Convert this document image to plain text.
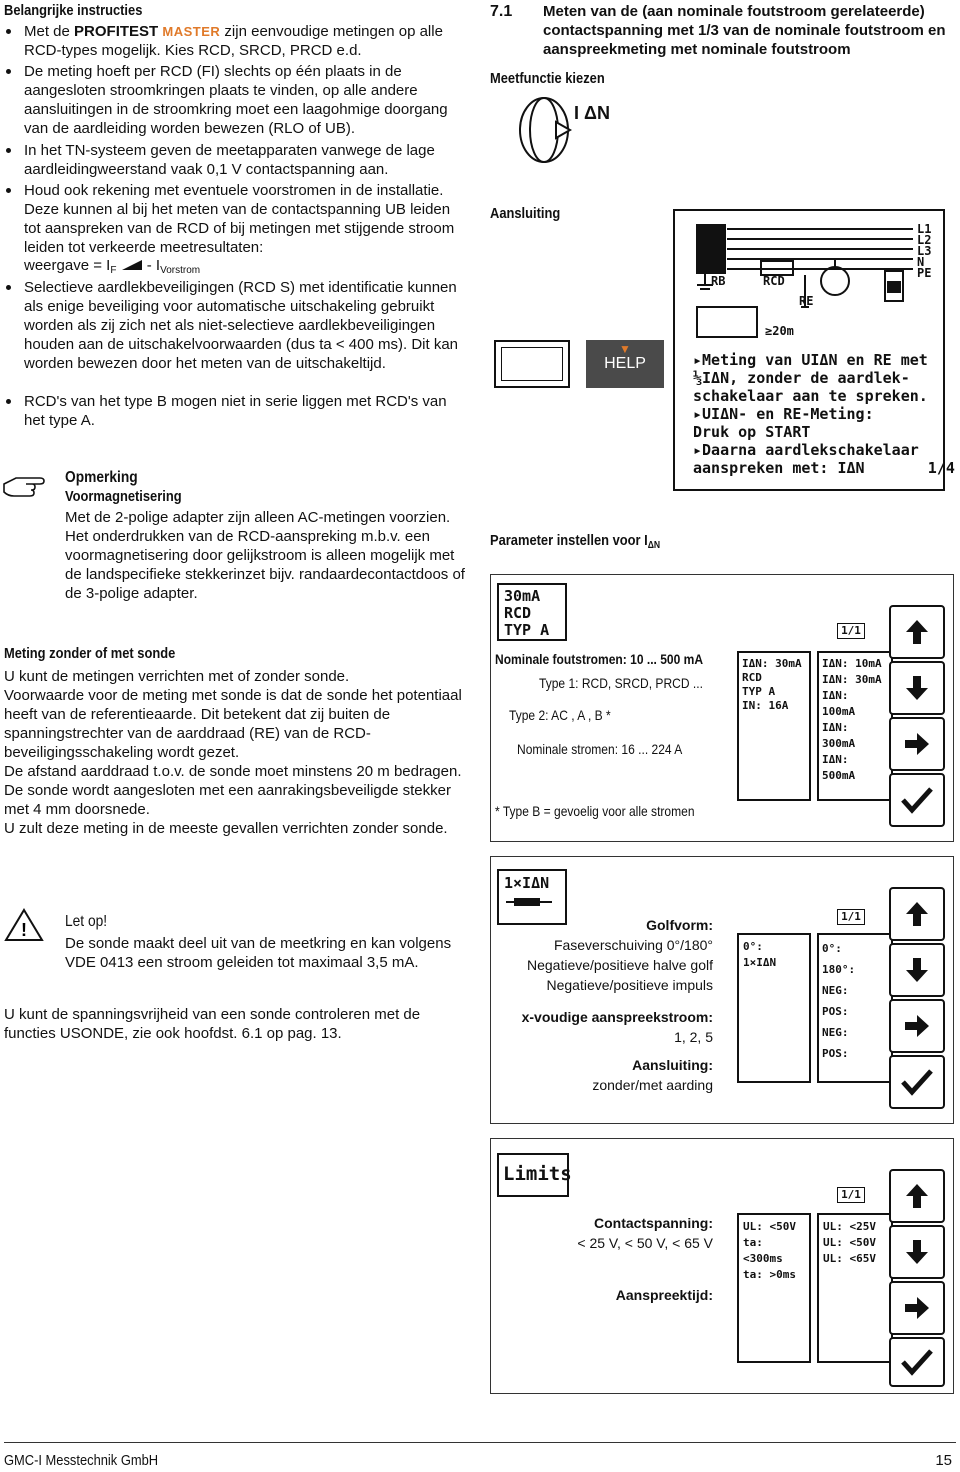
Belangrijke instructies
Met de PROFITEST MASTER zijn eenvoudige metingen op alle RCD-types mogelijk. Kies RCD, SRCD, PRCD e.d.
De meting hoeft per RCD (FI) slechts op één plaats in de aangesloten stroomkringen plaats te vinden, op alle andere aansluitingen in de stroomkring moet een laagohmige doorgang van de aardleiding worden bewezen (RLO of UB).
In het TN-systeem geven de meetapparaten vanwege de lage aardleidingweerstand vaak 0,1 V contactspanning aan.
Houd ook rekening met eventuele voorstromen in de installatie. Deze kunnen al bij het meten van de contactspanning UB leiden tot aanspreken van de RCD of bij metingen met stijgende stroom leiden tot verkeerde meetresultaten:
weergave = $I_F - I_{Vorstrom}$
Selectieve aardlekbeveiligingen (RCD S) met identificatie kunnen als enige beveiliging voor automatische uitschakeling gebruikt worden als zij zich net als niet-selectieve aardlekbeveiligingen houden aan de uitschakelvoorwaarden (dus ta < 400 ms). Dit kan worden bewezen door het meten van de uitschakeltijd.
RCD's van het type B mogen niet in serie liggen met RCD's van het type A.
Opmerking
Voormagnetisering
Met de 2-polige adapter zijn alleen AC-metingen voorzien. Het onderdrukken van de RCD-aanspreking m.b.v. een voormagnetisering door gelijkstroom is alleen mogelijk met de landspecifieke stekkerinzet bijv. randaardecontactdoos of de 3-polige adapter.
Meting zonder of met sonde

U kunt de metingen verrichten met of zonder sonde.

Voorwaarde voor de meting met sonde is dat de sonde het potentiaal heeft van de referentieaarde. Dit betekent dat zij buiten de spanningstrechter van de aarddraad (RE) van de RCD-beveiligingsschakeling wordt gezet.

De afstand aarddraad t.o.v. de sonde moet minstens 20 m bedragen.

De sonde wordt aangesloten met een aanrakingsbeveiligde stekker met 4 mm doorsnede.

U zult deze meting in de meeste gevallen verrichten zonder sonde.

! Let op!
De sonde maakt deel uit van de meetkring en kan volgens VDE 0413 een stroom geleiden tot maximaal 3,5 mA.
U kunt de spanningsvrijheid van een sonde controleren met de functies USONDE, zie ook hoofdst. 6.1 op pag. 13.
7.1 Meten van de (aan nominale foutstroom gerelateerde) contactspanning met 1/3 van de nominale foutstroom en aanspreekmeting met nominale foutstroom
Meetfunctie kiezen
I ΔN
Aansluiting
L1
L2
L3
N
PE
RB	RCD
RE
≥20m
▸Meting van UIΔN en RE met
⅓IΔN, zonder de aardlek-
schakelaar aan te spreken.
▸UIΔN- en RE-Meting:
Druk op START
▸Daarna aardlekschakelaar
aanspreken met: IΔN       1/4
▼
HELP
Parameter instellen voor $I_{\Delta N}$
30mA
RCD
TYP A	1/1
Nominale foutstromen: 10 ... 500 mA
Type 1: RCD, SRCD, PRCD ...
Type 2: AC , A , B *
Nominale stromen: 16 ... 224 A
* Type B = gevoelig voor alle stromen
IΔN: 30mA
RCD
TYP A
IN: 16A
IΔN: 10mA
IΔN: 30mA
IΔN: 100mA
IΔN: 300mA
IΔN: 500mA
1×IΔN
1/1
Golfvorm:
Faseverschuiving 0°/180°
Negatieve/positieve halve golf
Negatieve/positieve impuls
x-voudige aanspreekstroom:
1, 2, 5
Aansluiting:
zonder/met aarding
0°:
1×IΔN
0°:
180°:
NEG:
POS:
NEG:
POS:
Limits
1/1
Contactspanning:
< 25 V, < 50 V, < 65 V
Aanspreektijd:
UL: <50V
ta: <300ms
ta: >0ms
UL: <25V
UL: <50V
UL: <65V
GMC-I Messtechnik GmbH	15
